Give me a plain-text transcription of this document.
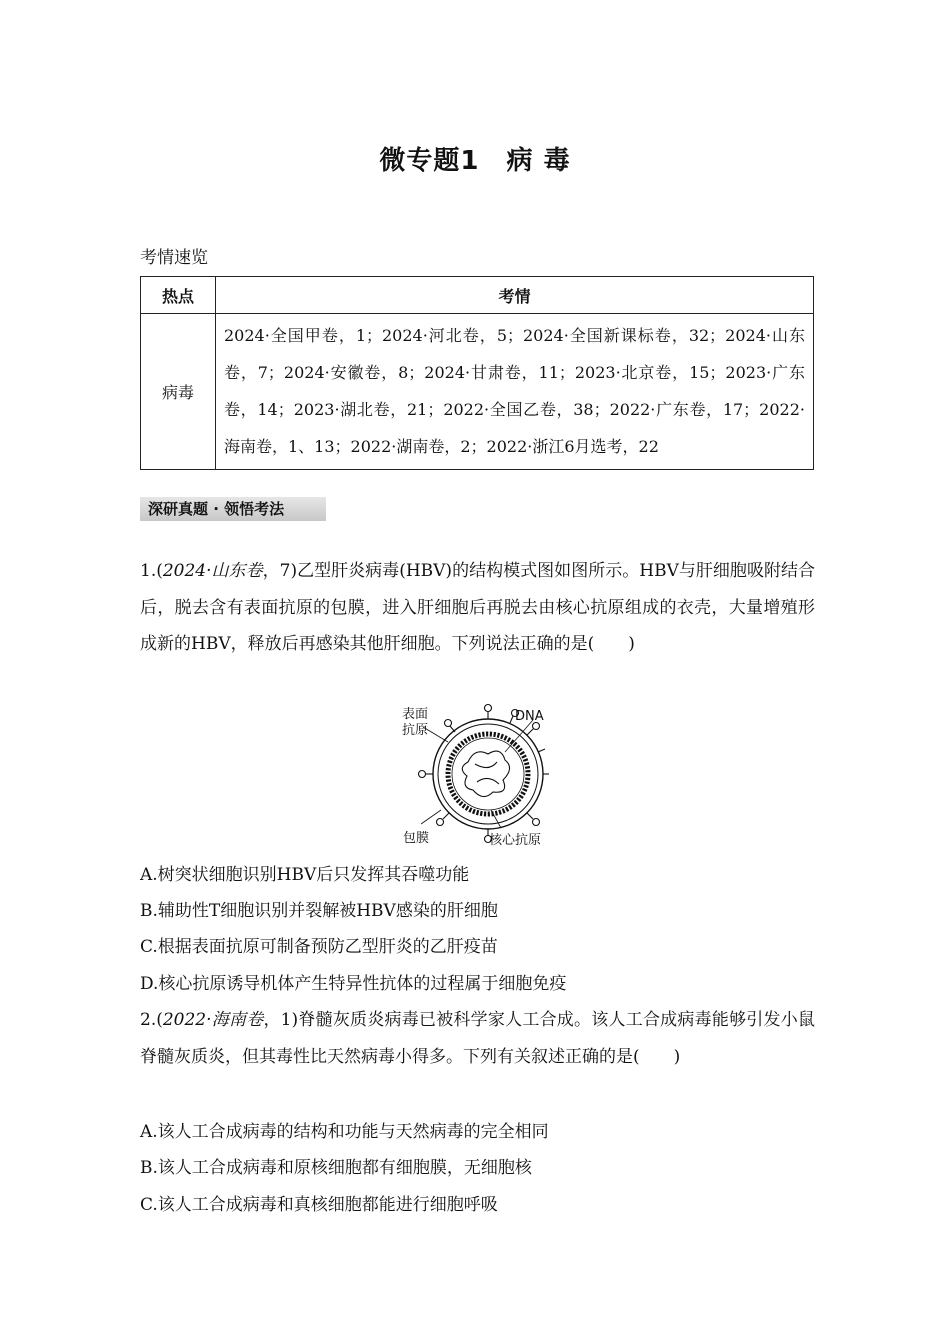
微专题1　病 毒
考情速览
热点	考情
病毒	2024·全国甲卷，1；2024·河北卷，5；2024·全国新课标卷，32；2024·山东卷，7；2024·安徽卷，8；2024·甘肃卷，11；2023·北京卷，15；2023·广东卷，14；2023·湖北卷，21；2022·全国乙卷，38；2022·广东卷，17；2022·海南卷，1、13；2022·湖南卷，2；2022·浙江6月选考，22
深研真题 · 领悟考法
1.(2024·山东卷，7)乙型肝炎病毒(HBV)的结构模式图如图所示。HBV与肝细胞吸附结合后，脱去含有表面抗原的包膜，进入肝细胞后再脱去由核心抗原组成的衣壳，大量增殖形成新的HBV，释放后再感染其他肝细胞。下列说法正确的是(　　)
表面
抗原
DNA
包膜	核心抗原
A.树突状细胞识别HBV后只发挥其吞噬功能
B.辅助性T细胞识别并裂解被HBV感染的肝细胞
C.根据表面抗原可制备预防乙型肝炎的乙肝疫苗
D.核心抗原诱导机体产生特异性抗体的过程属于细胞免疫
2.(2022·海南卷，1)脊髓灰质炎病毒已被科学家人工合成。该人工合成病毒能够引发小鼠脊髓灰质炎，但其毒性比天然病毒小得多。下列有关叙述正确的是(　　)
A.该人工合成病毒的结构和功能与天然病毒的完全相同
B.该人工合成病毒和原核细胞都有细胞膜，无细胞核
C.该人工合成病毒和真核细胞都能进行细胞呼吸
